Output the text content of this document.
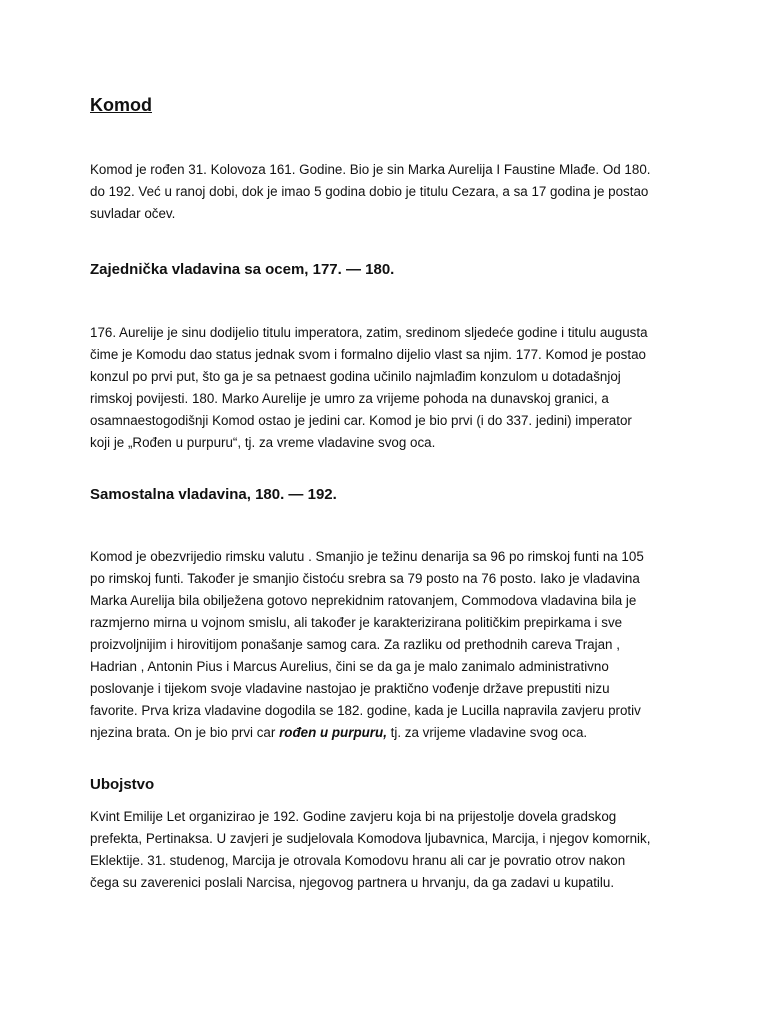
Komod
Komod je rođen 31. Kolovoza 161. Godine. Bio je sin Marka Aurelija I Faustine Mlađe. Od 180.
do 192. Već u ranoj dobi, dok je imao 5 godina dobio je titulu Cezara, a sa 17 godina je postao
suvladar očev.
Zajednička vladavina sa ocem, 177. — 180.
176. Aurelije je sinu dodijelio titulu imperatora, zatim, sredinom sljedeće godine i titulu augusta
čime je Komodu dao status jednak svom i formalno dijelio vlast sa njim. 177. Komod je postao
konzul po prvi put, što ga je sa petnaest godina učinilo najmlađim konzulom u dotadašnjoj
rimskoj povijesti. 180. Marko Aurelije je umro za vrijeme pohoda na dunavskoj granici, a
osamnaestogodišnji Komod ostao je jedini car. Komod je bio prvi (i do 337. jedini) imperator
koji je „Rođen u purpuru“, tj. za vreme vladavine svog oca.
Samostalna vladavina, 180. — 192.
Komod je obezvrijedio rimsku valutu . Smanjio je težinu denarija sa 96 po rimskoj funti na 105
po rimskoj funti. Također je smanjio čistoću srebra sa 79 posto na 76 posto. Iako je vladavina
Marka Aurelija bila obilježena gotovo neprekidnim ratovanjem, Commodova vladavina bila je
razmjerno mirna u vojnom smislu, ali također je karakterizirana političkim prepirkama i sve
proizvoljnijim i hirovitijom ponašanje samog cara. Za razliku od prethodnih careva Trajan ,
Hadrian , Antonin Pius i Marcus Aurelius, čini se da ga je malo zanimalo administrativno
poslovanje i tijekom svoje vladavine nastojao je praktično vođenje države prepustiti nizu
favorite. Prva kriza vladavine dogodila se 182. godine, kada je Lucilla napravila zavjeru protiv
njezina brata. On je bio prvi car rođen u purpuru, tj. za vrijeme vladavine svog oca.
Ubojstvo
Kvint Emilije Let organizirao je 192. Godine zavjeru koja bi na prijestolje dovela gradskog
prefekta, Pertinaksa. U zavjeri je sudjelovala Komodova ljubavnica, Marcija, i njegov komornik,
Eklektije. 31. studenog, Marcija je otrovala Komodovu hranu ali car je povratio otrov nakon
čega su zaverenici poslali Narcisa, njegovog partnera u hrvanju, da ga zadavi u kupatilu.
